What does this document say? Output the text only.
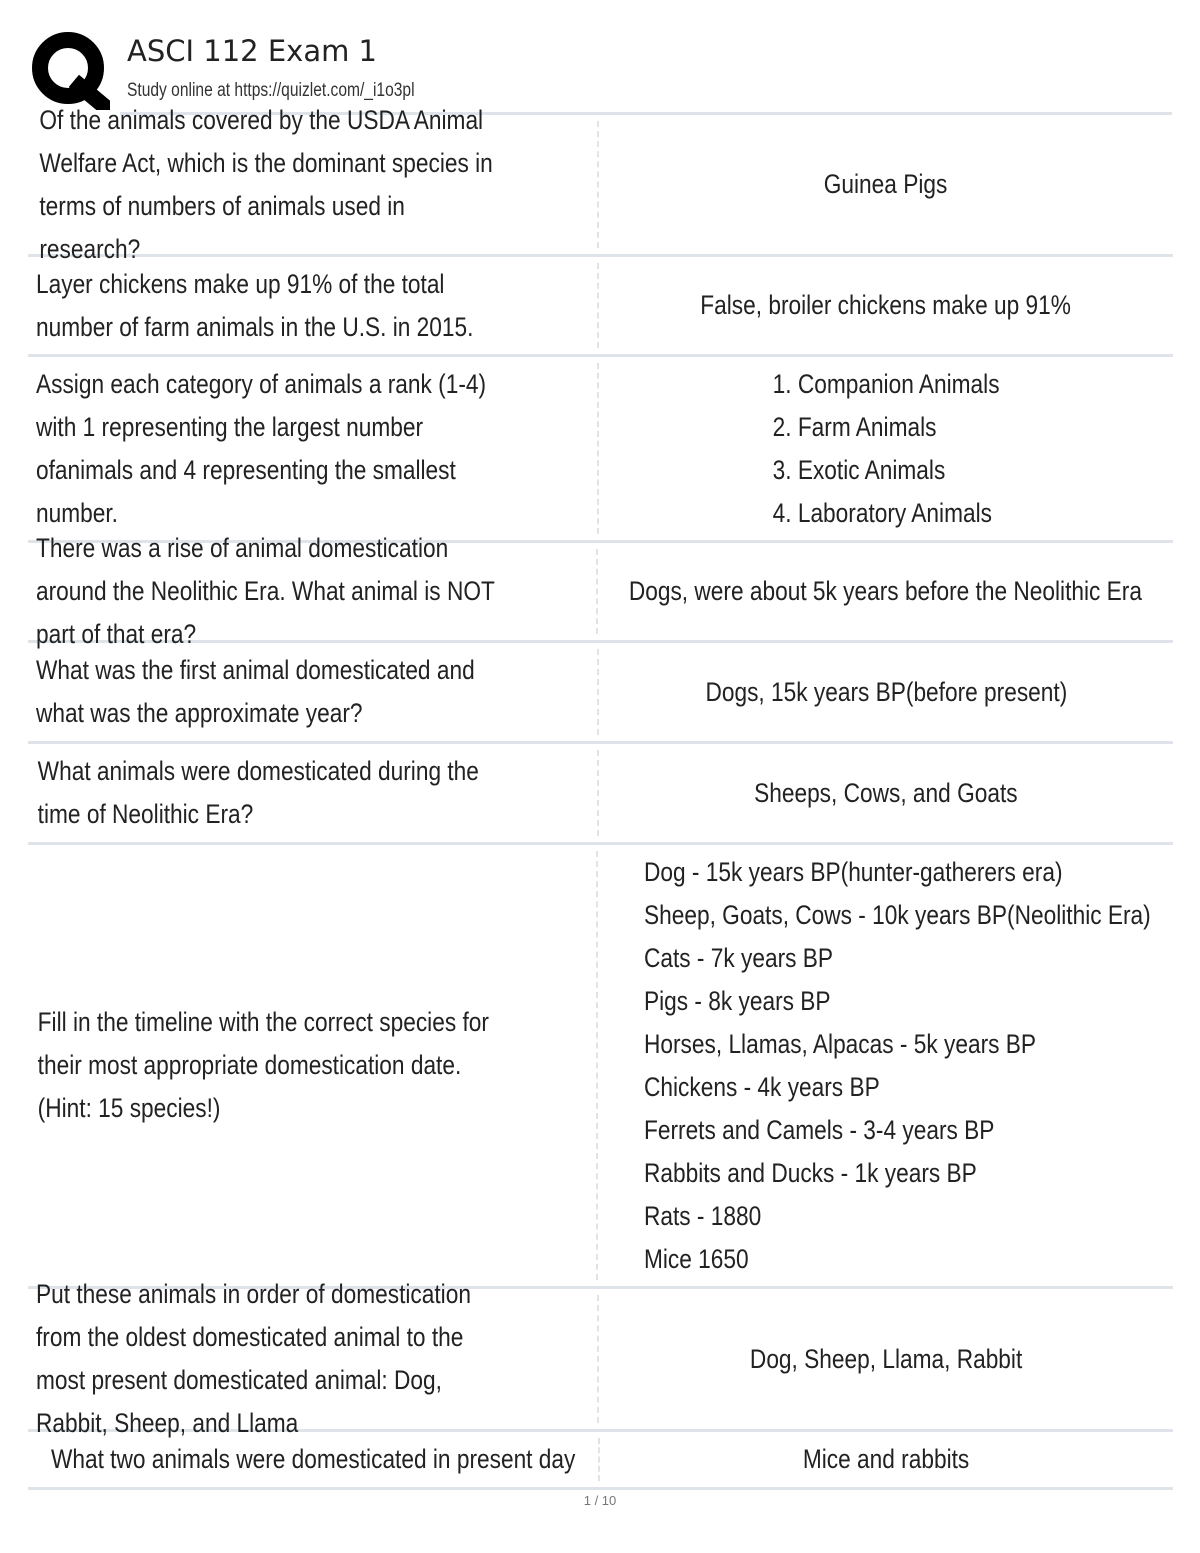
ASCI 112 Exam 1
Study online at https://quizlet.com/_i1o3pl
Of the animals covered by the USDA Animal Welfare Act, which is the dominant species in terms of numbers of animals used in research?
Guinea Pigs
Layer chickens make up 91% of the total number of farm animals in the U.S. in 2015.
False, broiler chickens make up 91%
Assign each category of animals a rank (1-4) with 1 representing the largest number ofanimals and 4 representing the smallest number.
1. Companion Animals
2. Farm Animals
3. Exotic Animals
4. Laboratory Animals
There was a rise of animal domestication around the Neolithic Era. What animal is NOT part of that era?
Dogs, were about 5k years before the Neolithic Era
What was the first animal domesticated and what was the approximate year?
Dogs, 15k years BP(before present)
What animals were domesticated during the time of Neolithic Era?
Sheeps, Cows, and Goats
Fill in the timeline with the correct species for their most appropriate domestication date. (Hint: 15 species!)
Dog - 15k years BP(hunter-gatherers era)
Sheep, Goats, Cows - 10k years BP(Neolithic Era)
Cats - 7k years BP
Pigs - 8k years BP
Horses, Llamas, Alpacas - 5k years BP
Chickens - 4k years BP
Ferrets and Camels - 3-4 years BP
Rabbits and Ducks - 1k years BP
Rats - 1880
Mice 1650
Put these animals in order of domestication from the oldest domesticated animal to the most present domesticated animal: Dog, Rabbit, Sheep, and Llama
Dog, Sheep, Llama, Rabbit
What two animals were domesticated in present day	Mice and rabbits
1 / 10
